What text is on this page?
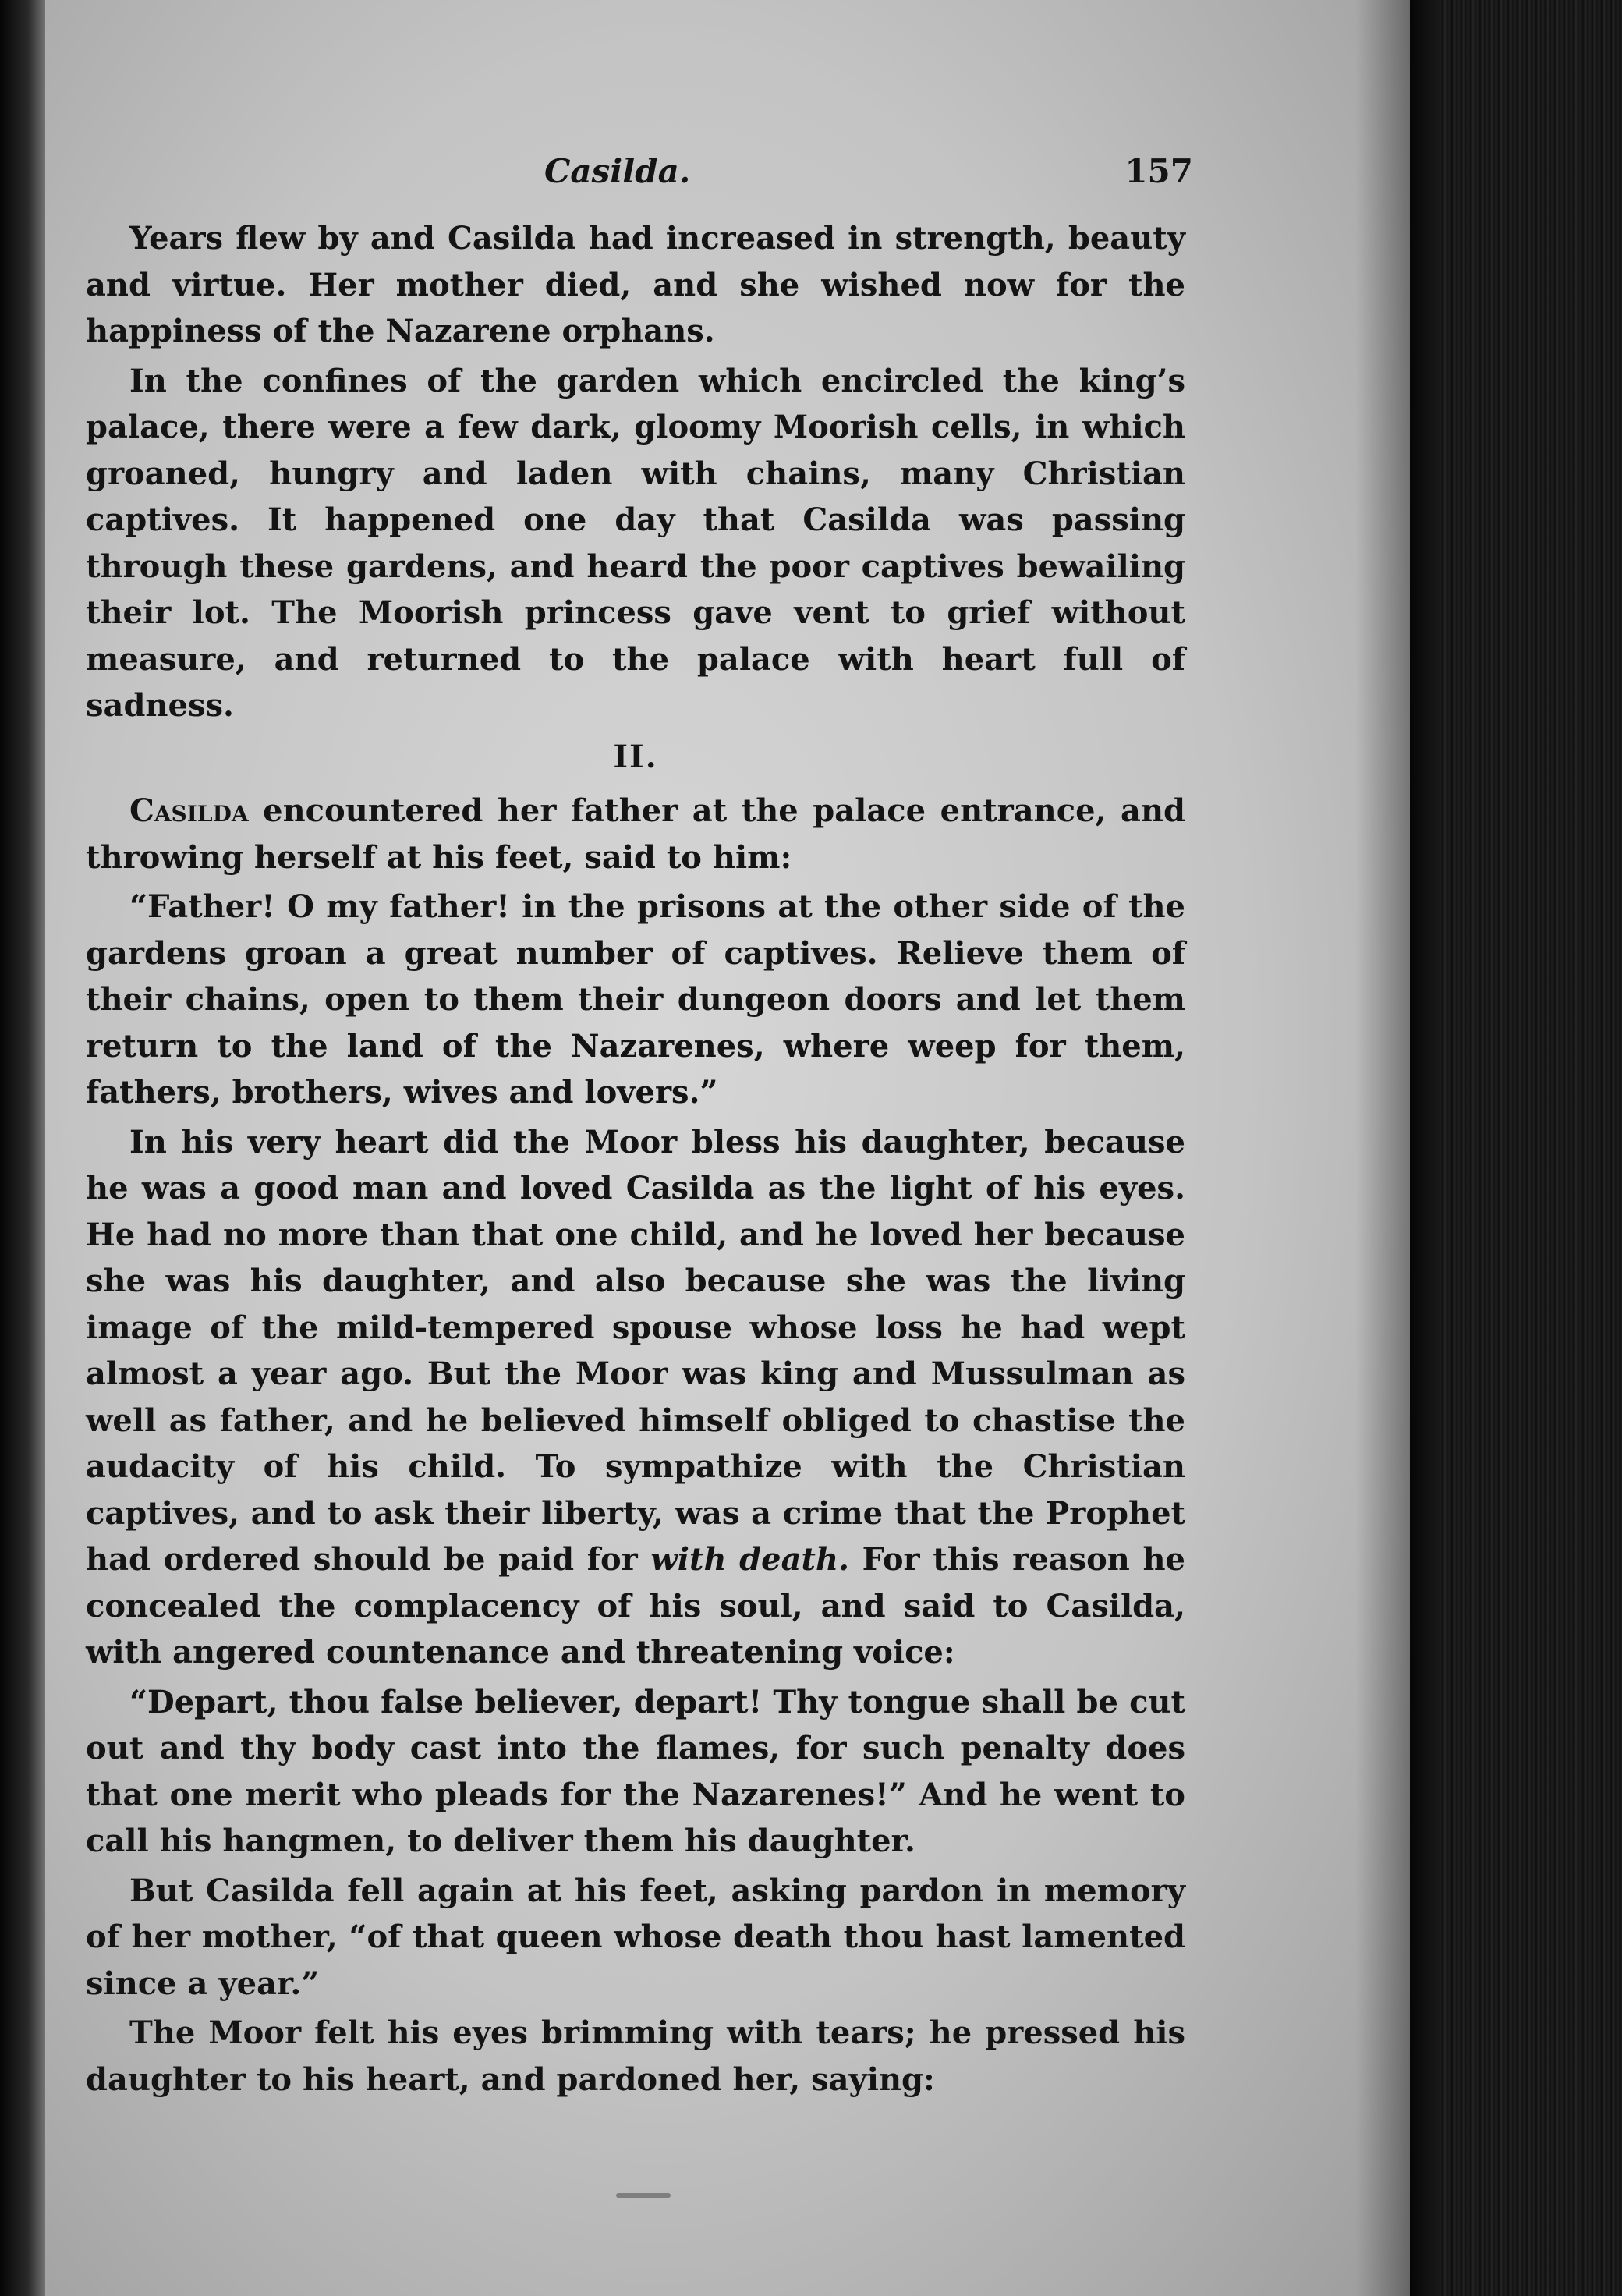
Casilda.	157

Years flew by and Casilda had increased in strength, beauty and virtue. Her mother died, and she wished now for the happiness of the Nazarene orphans.

In the confines of the garden which encircled the king’s palace, there were a few dark, gloomy Moorish cells, in which groaned, hungry and laden with chains, many Christian captives. It happened one day that Casilda was passing through these gardens, and heard the poor captives bewailing their lot. The Moorish princess gave vent to grief without measure, and returned to the palace with heart full of sadness.

II.

Casilda encountered her father at the palace entrance, and throwing herself at his feet, said to him:

“Father! O my father! in the prisons at the other side of the gardens groan a great number of captives. Relieve them of their chains, open to them their dungeon doors and let them return to the land of the Nazarenes, where weep for them, fathers, brothers, wives and lovers.”

In his very heart did the Moor bless his daughter, because he was a good man and loved Casilda as the light of his eyes. He had no more than that one child, and he loved her because she was his daughter, and also because she was the living image of the mild-tempered spouse whose loss he had wept almost a year ago. But the Moor was king and Mussulman as well as father, and he believed himself obliged to chastise the audacity of his child. To sympathize with the Christian captives, and to ask their liberty, was a crime that the Prophet had ordered should be paid for with death. For this reason he concealed the complacency of his soul, and said to Casilda, with angered countenance and threatening voice:

“Depart, thou false believer, depart! Thy tongue shall be cut out and thy body cast into the flames, for such penalty does that one merit who pleads for the Nazarenes!” And he went to call his hangmen, to deliver them his daughter.

But Casilda fell again at his feet, asking pardon in memory of her mother, “of that queen whose death thou hast lamented since a year.”

The Moor felt his eyes brimming with tears; he pressed his daughter to his heart, and pardoned her, saying:
